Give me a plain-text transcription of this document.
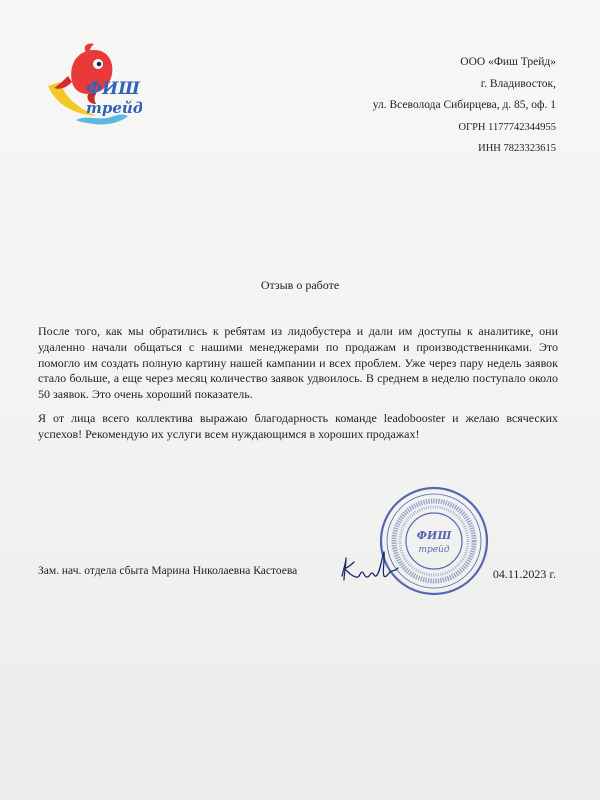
ФИШ
трейд
ООО «Фиш Трейд»
г. Владивосток,
ул. Всеволода Сибирцева, д. 85, оф. 1
ОГРН 1177742344955
ИНН 7823323615
Отзыв о работе

После того, как мы обратились к ребятам из лидобустера и дали им доступы к аналитике, они удаленно начали общаться с нашими менеджерами по продажам и производственниками. Это помогло им создать полную картину нашей кампании и всех проблем. Уже через пару недель заявок стало больше, а еще через месяц количество заявок удвоилось. В среднем в неделю поступало около 50 заявок. Это очень хороший показатель.

Я от лица всего коллектива выражаю благодарность команде leadobooster и желаю всяческих успехов! Рекомендую их услуги всем нуждающимся в хороших продажах!

Зам. нач. отдела сбыта Марина Николаевна Кастоева
ФИШ
трейд
04.11.2023 г.
